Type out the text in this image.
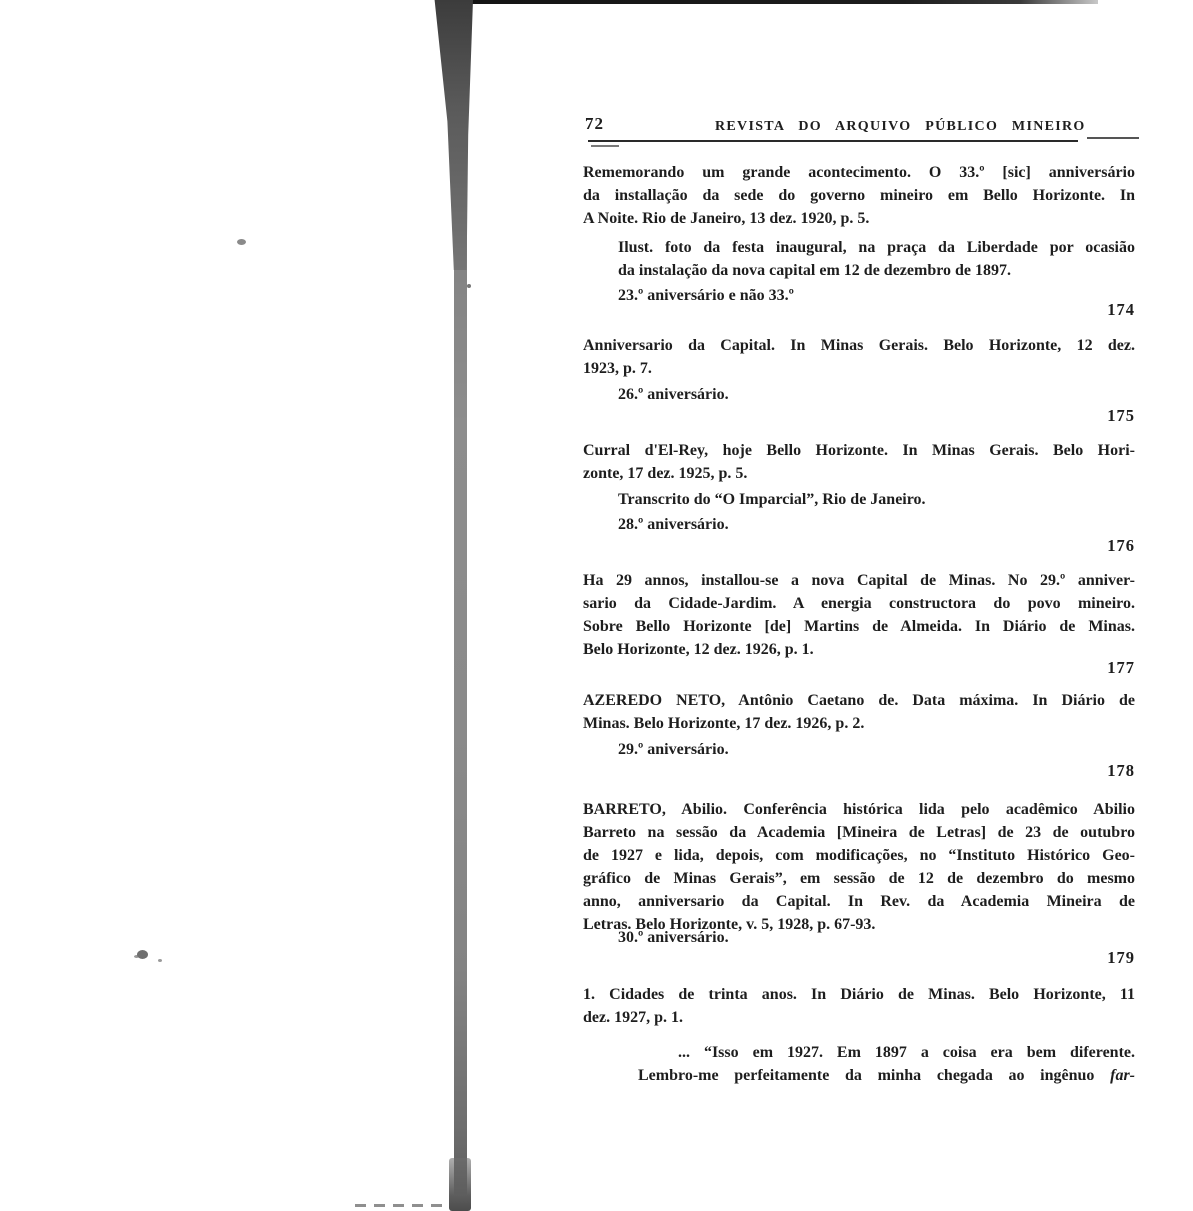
72	REVISTA DO ARQUIVO PÚBLICO MINEIRO
Rememorando um grande acontecimento. O 33.º [sic] anniversário
da installação da sede do governo mineiro em Bello Horizonte. In
A Noite. Rio de Janeiro, 13 dez. 1920, p. 5.
Ilust. foto da festa inaugural, na praça da Liberdade por ocasião
da instalação da nova capital em 12 de dezembro de 1897.
23.º aniversário e não 33.º
174
Anniversario da Capital. In Minas Gerais. Belo Horizonte, 12 dez.
1923, p. 7.
26.º aniversário.
175
Curral d'El-Rey, hoje Bello Horizonte. In Minas Gerais. Belo Hori-
zonte, 17 dez. 1925, p. 5.
Transcrito do “O Imparcial”, Rio de Janeiro.
28.º aniversário.
176
Ha 29 annos, installou-se a nova Capital de Minas. No 29.º anniver-
sario da Cidade-Jardim. A energia constructora do povo mineiro.
Sobre Bello Horizonte [de] Martins de Almeida. In Diário de Minas.
Belo Horizonte, 12 dez. 1926, p. 1.
177
AZEREDO NETO, Antônio Caetano de. Data máxima. In Diário de
Minas. Belo Horizonte, 17 dez. 1926, p. 2.
29.º aniversário.
178
BARRETO, Abilio. Conferência histórica lida pelo acadêmico Abilio
Barreto na sessão da Academia [Mineira de Letras] de 23 de outubro
de 1927 e lida, depois, com modificações, no “Instituto Histórico Geo-
gráfico de Minas Gerais”, em sessão de 12 de dezembro do mesmo
anno, anniversario da Capital. In Rev. da Academia Mineira de
Letras. Belo Horizonte, v. 5, 1928, p. 67-93.
30.º aniversário.
179
1. Cidades de trinta anos. In Diário de Minas. Belo Horizonte, 11
dez. 1927, p. 1.
... “Isso em 1927. Em 1897 a coisa era bem diferente.
Lembro-me perfeitamente da minha chegada ao ingênuo far-
